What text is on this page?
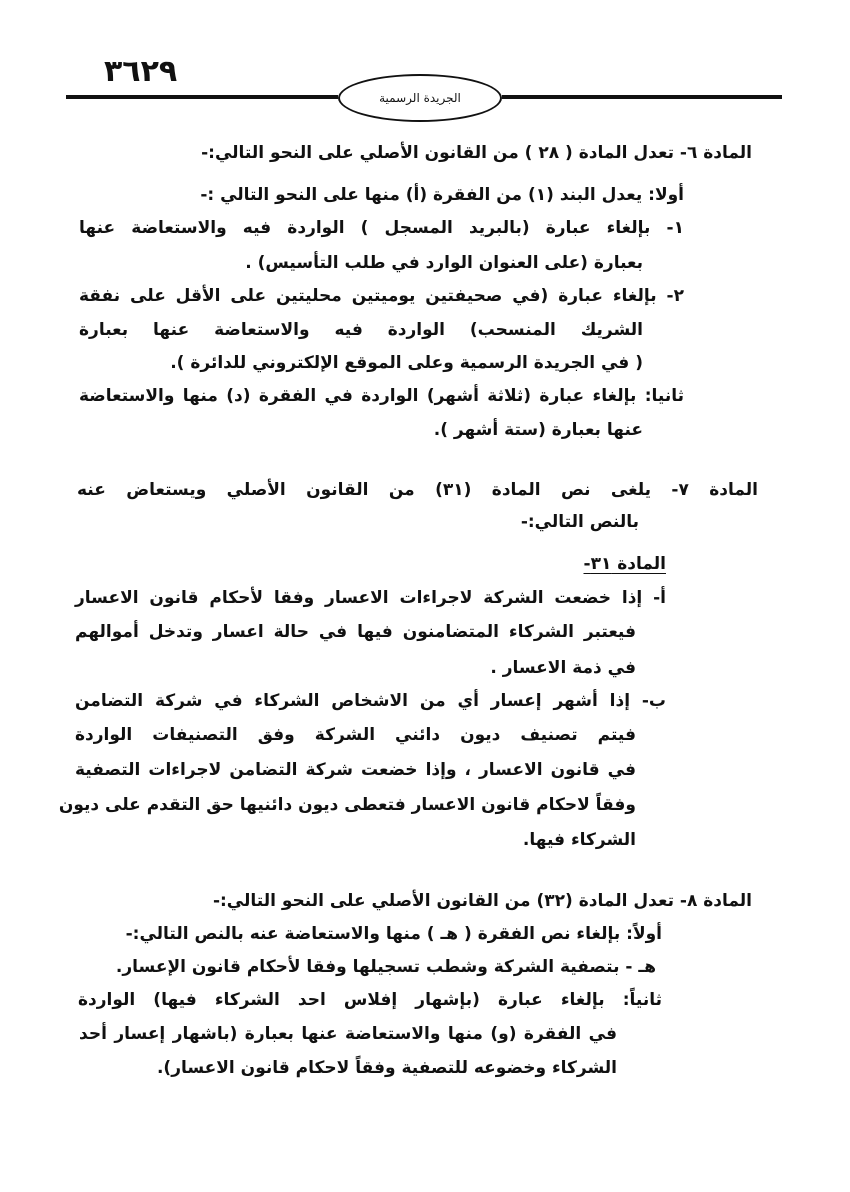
٣٦٢٩
الجريدة الرسمية
المادة ٦- تعدل المادة ( ٢٨ ) من القانون الأصلي على النحو التالي:-
أولا: يعدل البند (١) من الفقرة (أ) منها على النحو التالي :-
١- بإلغاء عبارة (بالبريد المسجل ) الواردة فيه والاستعاضة عنها
بعبارة (على العنوان الوارد في طلب التأسيس) .
٢- بإلغاء عبارة (في صحيفتين يوميتين محليتين على الأقل على نفقة
الشريك المنسحب) الواردة فيه والاستعاضة عنها بعبارة
( في الجريدة الرسمية وعلى الموقع الإلكتروني للدائرة ).
ثانيا: بإلغاء عبارة (ثلاثة أشهر) الواردة في الفقرة (د) منها والاستعاضة
عنها بعبارة (ستة أشهر ).
المادة ٧- يلغى نص المادة (٣١) من القانون الأصلي ويستعاض عنه
بالنص التالي:-
المادة ٣١-
أ- إذا خضعت الشركة لاجراءات الاعسار وفقا لأحكام قانون الاعسار
فيعتبر الشركاء المتضامنون فيها في حالة اعسار وتدخل أموالهم
في ذمة الاعسار .
ب- إذا أشهر إعسار أي من الاشخاص الشركاء في شركة التضامن
فيتم تصنيف ديون دائني الشركة وفق التصنيفات الواردة
في قانون الاعسار ، وإذا خضعت شركة التضامن لاجراءات التصفية
وفقاً لاحكام قانون الاعسار فتعطى ديون دائنيها حق التقدم على ديون
الشركاء فيها.
المادة ٨- تعدل المادة (٣٢) من القانون الأصلي على النحو التالي:-
أولاً: بإلغاء نص الفقرة ( هـ ) منها والاستعاضة عنه بالنص التالي:-
هـ - بتصفية الشركة وشطب تسجيلها وفقا لأحكام قانون الإعسار.
ثانياً: بإلغاء عبارة (بإشهار إفلاس احد الشركاء فيها) الواردة
في الفقرة (و) منها والاستعاضة عنها بعبارة (باشهار إعسار أحد
الشركاء وخضوعه للتصفية وفقاً لاحكام قانون الاعسار).
